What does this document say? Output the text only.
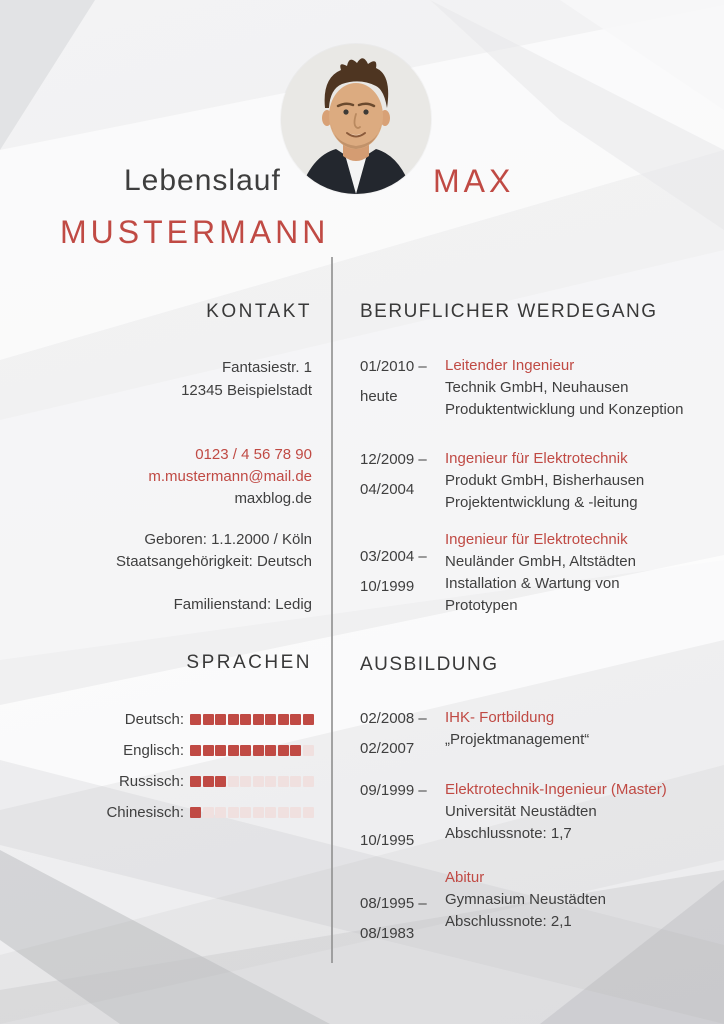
Lebenslauf	MAX
MUSTERMANN
KONTAKT
Fantasiestr. 1
12345 Beispielstadt
0123 / 4 56 78 90
m.mustermann@mail.de
maxblog.de
Geboren: 1.1.2000 / Köln
Staatsangehörigkeit: Deutsch
Familienstand: Ledig
SPRACHEN
Deutsch:
Englisch:
Russisch:
Chinesisch:
BERUFLICHER WERDEGANG
01/2010 –
heute
Leitender Ingenieur
Technik GmbH, Neuhausen
Produktentwicklung und Konzeption
12/2009 –
04/2004
Ingenieur für Elektrotechnik
Produkt GmbH, Bisherhausen
Projektentwicklung & -leitung
03/2004 –
10/1999
Ingenieur für Elektrotechnik
Neuländer GmbH, Altstädten
Installation & Wartung von
Prototypen
AUSBILDUNG
02/2008 –
02/2007
IHK- Fortbildung
„Projektmanagement“
09/1999 –
10/1995
Elektrotechnik-Ingenieur (Master)
Universität Neustädten
Abschlussnote: 1,7
08/1995 –
08/1983
Abitur
Gymnasium Neustädten
Abschlussnote: 2,1
